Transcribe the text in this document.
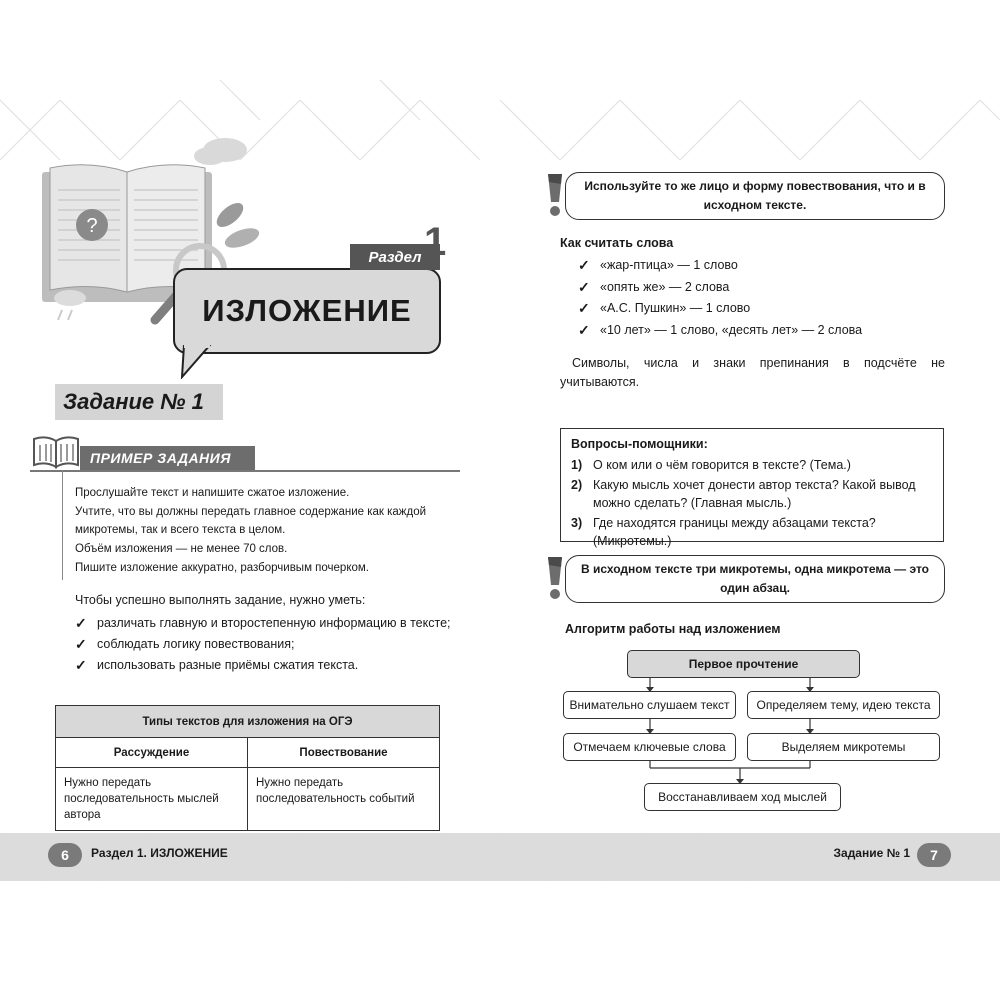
?
ИЗЛОЖЕНИЕ
Раздел 1
Задание № 1
ПРИМЕР ЗАДАНИЯ

Прослушайте текст и напишите сжатое изложение.

Учтите, что вы должны передать главное содержание как каждой микротемы, так и всего текста в целом.

Объём изложения — не менее 70 слов.

Пишите изложение аккуратно, разборчивым почерком.

Чтобы успешно выполнять задание, нужно уметь:
✓ различать главную и второстепенную информацию в тексте;
✓ соблюдать логику повествования;
✓ использовать разные приёмы сжатия текста.
Типы текстов для изложения на ОГЭ	
Рассуждение	Повествование
Нужно передать последовательность мыслей автора	Нужно передать последовательность событий
Используйте то же лицо и форму повествования, что и в исходном тексте.
Как считать слова
✓ «жар-птица» — 1 слово
✓ «опять же» — 2 слова
✓ «А.С. Пушкин» — 1 слово
✓ «10 лет» — 1 слово, «десять лет» — 2 слова
Символы, числа и знаки препинания в подсчёте не учитываются.
Вопросы-помощники:
1) О ком или о чём говорится в тексте? (Тема.)
2) Какую мысль хочет донести автор текста? Какой вывод можно сделать? (Главная мысль.)
3) Где находятся границы между абзацами текста? (Микротемы.)
В исходном тексте три микротемы, одна микротема — это один абзац.
Алгоритм работы над изложением
Первое прочтение
Внимательно слушаем текст	Определяем тему, идею текста
Отмечаем ключевые слова	Выделяем микротемы
Восстанавливаем ход мыслей
6	Раздел 1. ИЗЛОЖЕНИЕ	Задание № 1	7
